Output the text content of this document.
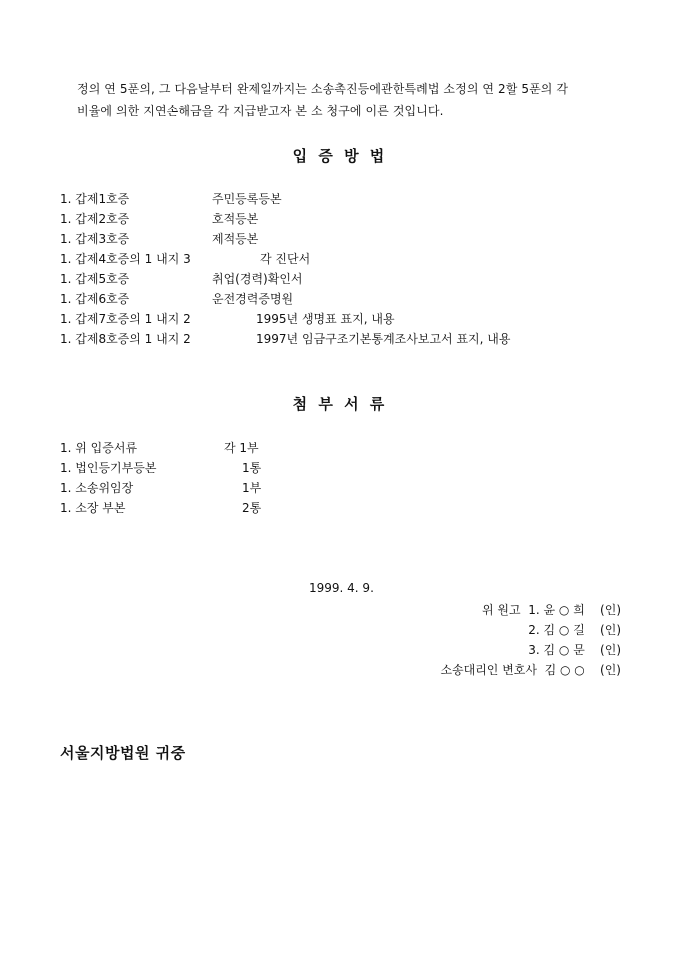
정의 연 5푼의, 그 다음날부터 완제일까지는 소송촉진등에관한특례법 소정의 연 2할 5푼의 각
비율에 의한 지연손해금을 각 지급받고자 본 소 청구에 이른 것입니다.
입 증 방 법
1. 갑제1호증	주민등록등본
1. 갑제2호증	호적등본
1. 갑제3호증	제적등본
1. 갑제4호증의 1 내지 3	각 진단서
1. 갑제5호증	취업(경력)확인서
1. 갑제6호증	운전경력증명원
1. 갑제7호증의 1 내지 2	1995년 생명표 표지, 내용
1. 갑제8호증의 1 내지 2	1997년 임금구조기본통계조사보고서 표지, 내용
첨 부 서 류
1. 위 입증서류	각 1부
1. 법인등기부등본	1통
1. 소송위임장	1부
1. 소장 부본	2통
1999. 4. 9.
위 원고  1. 윤 ○ 희    (인)
2. 김 ○ 길    (인)
3. 김 ○ 문    (인)
소송대리인 변호사  김 ○ ○    (인)
서울지방법원 귀중
